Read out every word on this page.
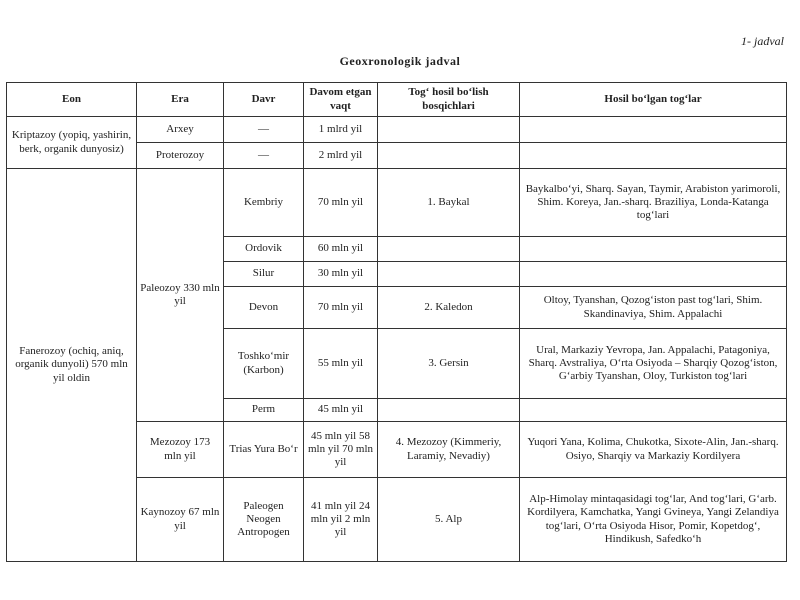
1- jadval
Geoxronologik jadval
Eon	Era	Davr	Davom etgan vaqt	Tog‘ hosil bo‘lish bosqichlari	Hosil bo‘lgan tog‘lar
Kriptazoy (yopiq, yashirin, berk, organik dunyosiz)	Arxey	—	1 mlrd yil		
	Proterozoy	—	2 mlrd yil		
Fanerozoy (ochiq, aniq, organik dunyoli) 570 mln yil oldin	Paleozoy 330 mln yil	Kembriy	70 mln yil	1. Baykal	Baykalbo‘yi, Sharq. Sayan, Taymir, Arabiston yarimoroli, Shim. Koreya, Jan.-sharq. Braziliya, Londa-Katanga tog‘lari
		Ordovik	60 mln yil		
		Silur	30 mln yil		
		Devon	70 mln yil	2. Kaledon	Oltoy, Tyanshan, Qozog‘iston past tog‘lari, Shim. Skandinaviya, Shim. Appalachi
		Toshko‘mir (Karbon)	55 mln yil	3. Gersin	Ural, Markaziy Yevropa, Jan. Appalachi, Patagoniya, Sharq. Avstraliya, O‘rta Osiyoda – Sharqiy Qozog‘iston, G‘arbiy Tyanshan, Oloy, Turkiston tog‘lari
		Perm	45 mln yil		
	Mezozoy 173 mln yil	Trias Yura Bo‘r	45 mln yil 58 mln yil 70 mln yil	4. Mezozoy (Kimmeriy, Laramiy, Nevadiy)	Yuqori Yana, Kolima, Chukotka, Sixote-Alin, Jan.-sharq. Osiyo, Sharqiy va Markaziy Kordilyera
	Kaynozoy 67 mln yil	Paleogen Neogen Antropogen	41 mln yil 24 mln yil 2 mln yil	5. Alp	Alp-Himolay mintaqasidagi tog‘lar, And tog‘lari, G‘arb. Kordilyera, Kamchatka, Yangi Gvineya, Yangi Zelandiya tog‘lari, O‘rta Osiyoda Hisor, Pomir, Kopetdog‘, Hindikush, Safedko‘h
